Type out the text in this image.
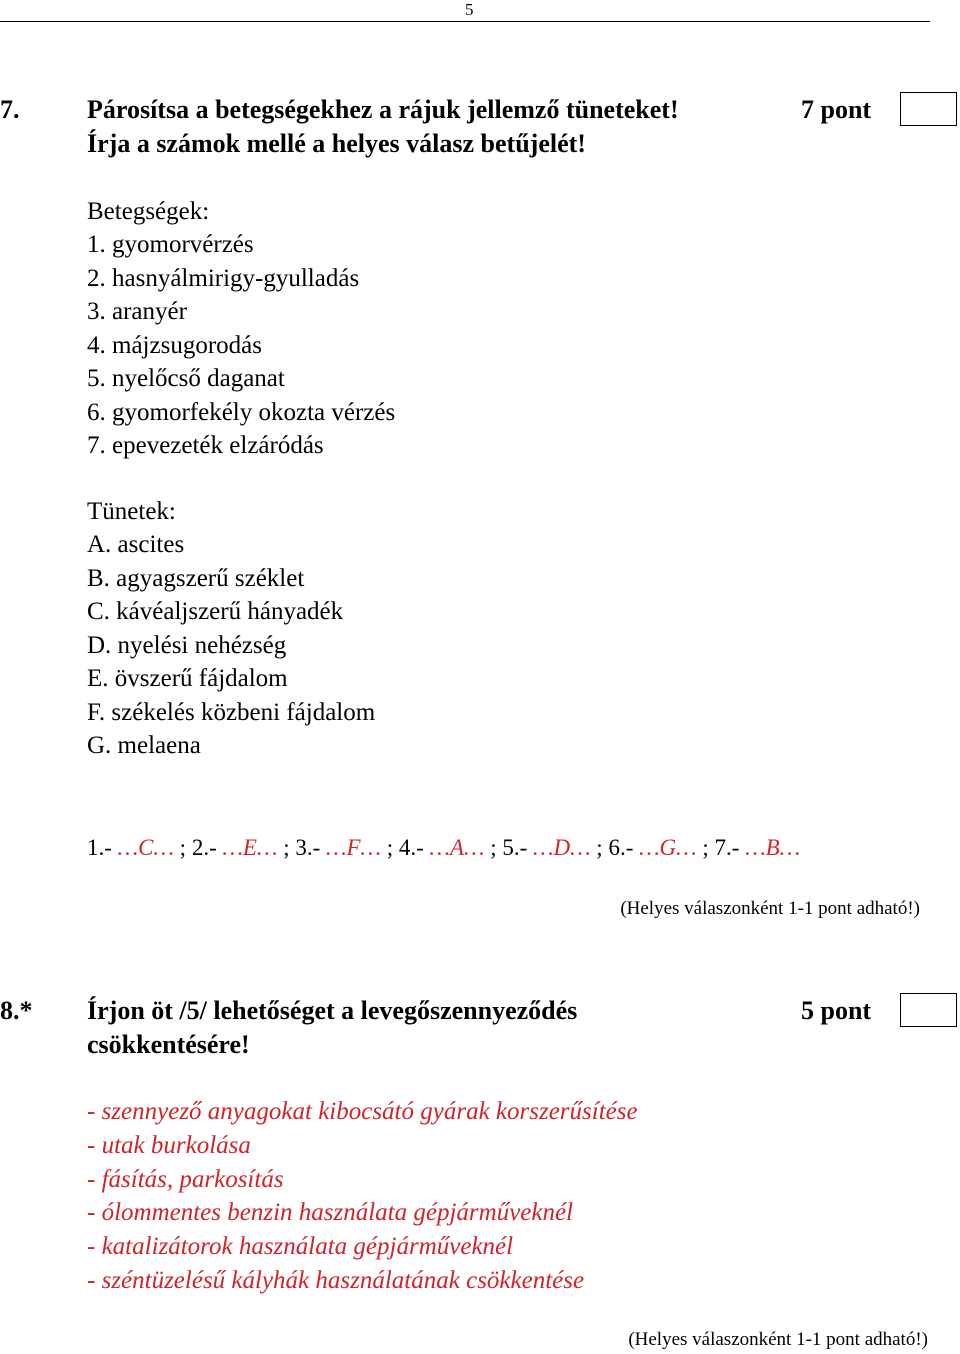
5
7.	Párosítsa a betegségekhez a rájuk jellemző tüneteket!
Írja a számok mellé a helyes válasz betűjelét!
7 pont
Betegségek:
1. gyomorvérzés
2. hasnyálmirigy-gyulladás
3. aranyér
4. májzsugorodás
5. nyelőcső daganat
6. gyomorfekély okozta vérzés
7. epevezeték elzáródás
Tünetek:
A. ascites
B. agyagszerű széklet
C. kávéaljszerű hányadék
D. nyelési nehézség
E. övszerű fájdalom
F. székelés közbeni fájdalom
G. melaena
1.- …C… ; 2.- …E… ; 3.- …F… ; 4.- …A… ; 5.- …D… ; 6.- …G… ; 7.- …B…
(Helyes válaszonként 1-1 pont adható!)
8.* Írjon öt /5/ lehetőséget a levegőszennyeződés
csökkentésére!
5 pont
- szennyező anyagokat kibocsátó gyárak korszerűsítése
- utak burkolása
- fásítás, parkosítás
- ólommentes benzin használata gépjárműveknél
- katalizátorok használata gépjárműveknél
- széntüzelésű kályhák használatának csökkentése
(Helyes válaszonként 1-1 pont adható!)
